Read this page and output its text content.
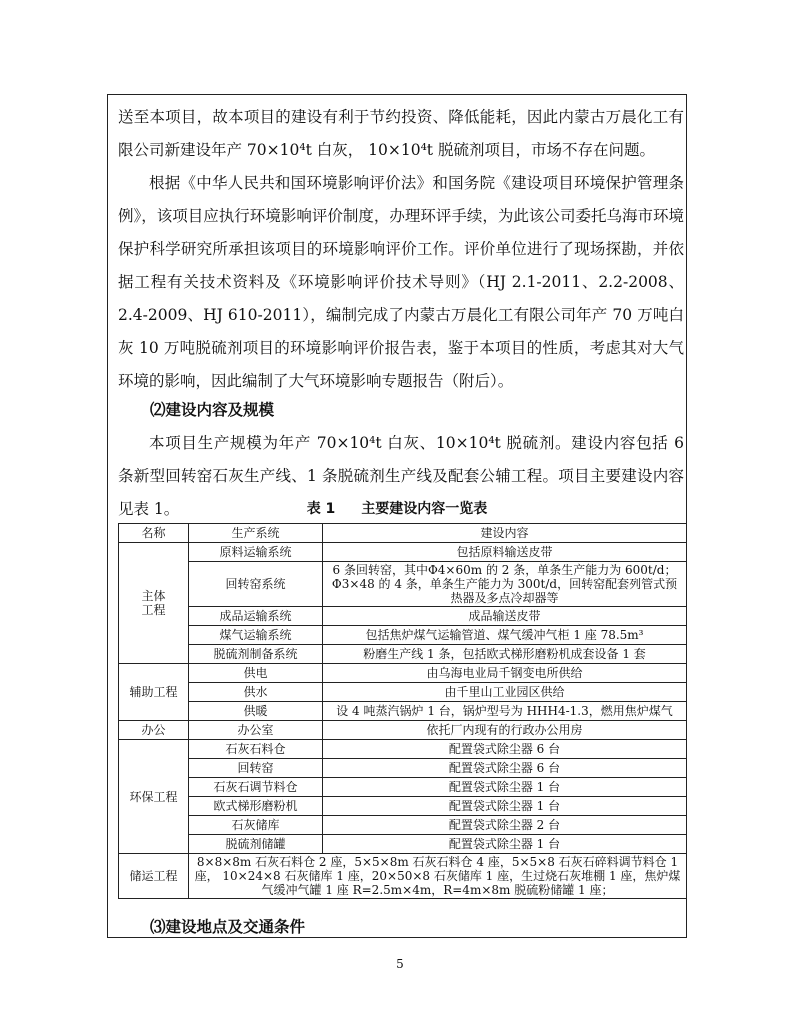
送至本项目，故本项目的建设有利于节约投资、降低能耗，因此内蒙古万晨化工有限公司新建设年产 70×10⁴t 白灰， 10×10⁴t 脱硫剂项目，市场不存在问题。

根据《中华人民共和国环境影响评价法》和国务院《建设项目环境保护管理条例》，该项目应执行环境影响评价制度，办理环评手续，为此该公司委托乌海市环境保护科学研究所承担该项目的环境影响评价工作。评价单位进行了现场探勘，并依据工程有关技术资料及《环境影响评价技术导则》（HJ 2.1-2011、2.2-2008、2.4-2009、HJ 610-2011），编制完成了内蒙古万晨化工有限公司年产 70 万吨白灰 10 万吨脱硫剂项目的环境影响评价报告表，鉴于本项目的性质，考虑其对大气环境的影响，因此编制了大气环境影响专题报告（附后）。

⑵建设内容及规模

本项目生产规模为年产 70×10⁴t 白灰、10×10⁴t 脱硫剂。建设内容包括 6 条新型回转窑石灰生产线、1 条脱硫剂生产线及配套公辅工程。项目主要建设内容见表 1。	表 1 主要建设内容一览表
名称	生产系统	建设内容
主体工程	原料运输系统	包括原料输送皮带
	回转窑系统	6 条回转窑，其中Φ4×60m 的 2 条，单条生产能力为 600t/d；Φ3×48 的 4 条，单条生产能力为 300t/d，回转窑配套列管式预热器及多点冷却器等
	成品运输系统	成品输送皮带
	煤气运输系统	包括焦炉煤气运输管道、煤气缓冲气柜 1 座 78.5m³
	脱硫剂制备系统	粉磨生产线 1 条，包括欧式梯形磨粉机成套设备 1 套
辅助工程	供电	由乌海电业局千钢变电所供给
	供水	由千里山工业园区供给
	供暖	设 4 吨蒸汽锅炉 1 台，锅炉型号为 HHH4-1.3，燃用焦炉煤气
办公	办公室	依托厂内现有的行政办公用房
环保工程	石灰石料仓	配置袋式除尘器 6 台
	回转窑	配置袋式除尘器 6 台
	石灰石调节料仓	配置袋式除尘器 1 台
	欧式梯形磨粉机	配置袋式除尘器 1 台
	石灰储库	配置袋式除尘器 2 台
	脱硫剂储罐	配置袋式除尘器 1 台
储运工程	8×8×8m 石灰石料仓 2 座，5×5×8m 石灰石料仓 4 座，5×5×8 石灰石碎料调节料仓 1 座， 10×24×8 石灰储库 1 座，20×50×8 石灰储库 1 座，生过烧石灰堆棚 1 座，焦炉煤气缓冲气罐 1 座 R=2.5m×4m，R=4m×8m 脱硫粉储罐 1 座；	

⑶建设地点及交通条件

5
